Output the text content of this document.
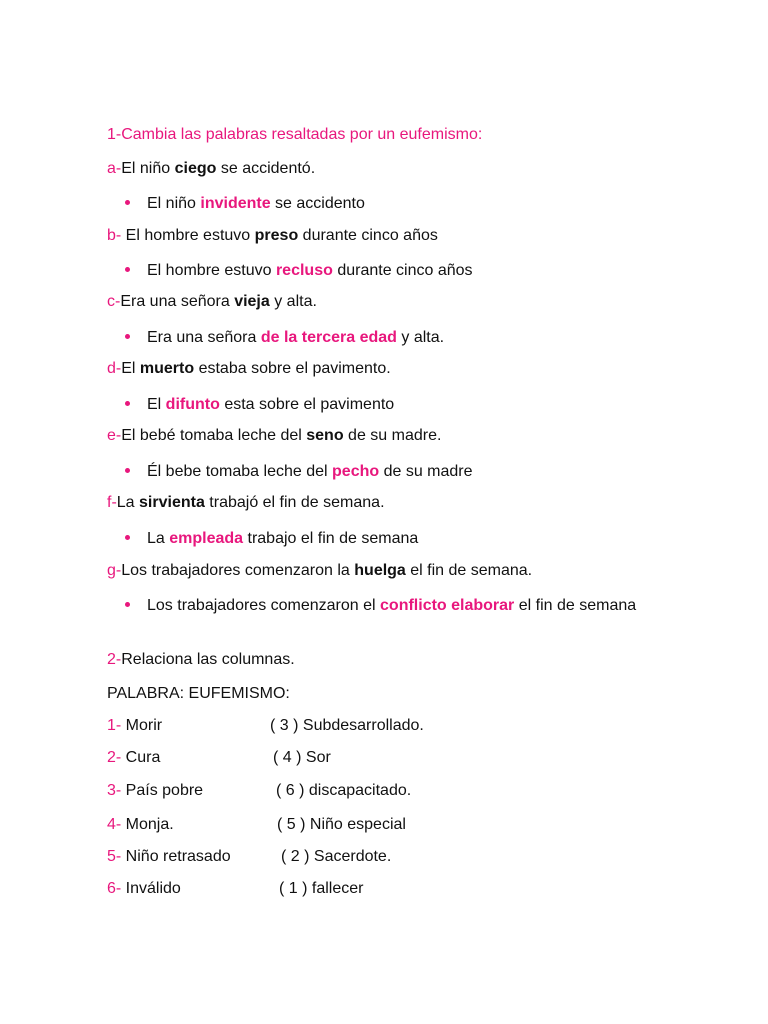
1-Cambia las palabras resaltadas por un eufemismo:
a-El niño ciego se accidentó.
El niño invidente se accidento
b- El hombre estuvo preso durante cinco años
El hombre estuvo recluso durante cinco años
c-Era una señora vieja y alta.
Era una señora de la tercera edad y alta.
d-El muerto estaba sobre el pavimento.
El difunto esta sobre el pavimento
e-El bebé tomaba leche del seno de su madre.
Él bebe tomaba leche del pecho de su madre
f-La sirvienta trabajó el fin de semana.
La empleada trabajo el fin de semana
g-Los trabajadores comenzaron la huelga el fin de semana.
Los trabajadores comenzaron el conflicto elaborar el fin de semana
2-Relaciona las columnas.
PALABRA: EUFEMISMO:
1- Morir	( 3 ) Subdesarrollado.
2- Cura	( 4 ) Sor
3- País pobre	( 6 ) discapacitado.
4- Monja.	( 5 ) Niño especial
5- Niño retrasado	( 2 ) Sacerdote.
6- Inválido	( 1 ) fallecer
